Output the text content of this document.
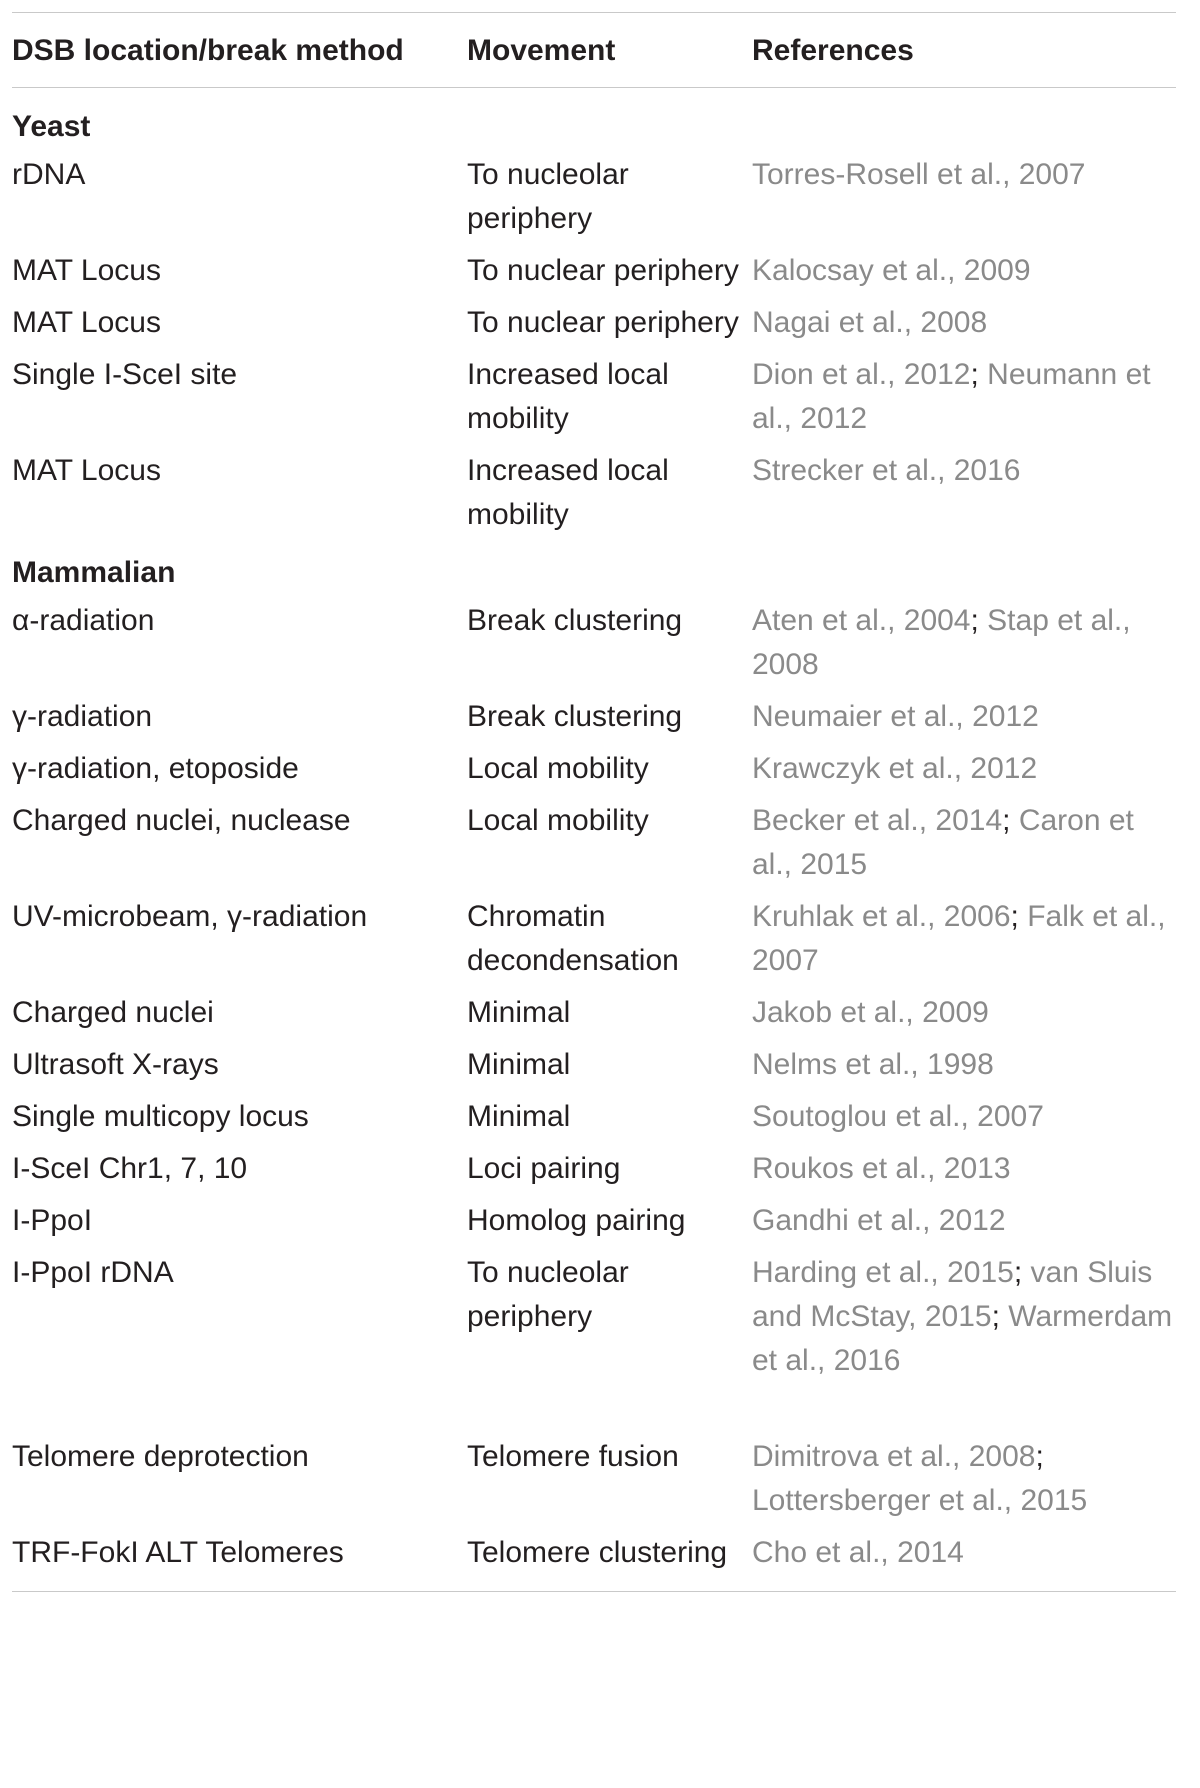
DSB location/break method	Movement	References
Yeast		
rDNA	To nucleolar periphery	Torres-Rosell et al., 2007
MAT Locus	To nuclear periphery	Kalocsay et al., 2009
MAT Locus	To nuclear periphery	Nagai et al., 2008
Single I-SceI site	Increased local mobility	Dion et al., 2012; Neumann et al., 2012
MAT Locus	Increased local mobility	Strecker et al., 2016
Mammalian		
α-radiation	Break clustering	Aten et al., 2004; Stap et al., 2008
γ-radiation	Break clustering	Neumaier et al., 2012
γ-radiation, etoposide	Local mobility	Krawczyk et al., 2012
Charged nuclei, nuclease	Local mobility	Becker et al., 2014; Caron et al., 2015
UV-microbeam, γ-radiation	Chromatin decondensation	Kruhlak et al., 2006; Falk et al., 2007
Charged nuclei	Minimal	Jakob et al., 2009
Ultrasoft X-rays	Minimal	Nelms et al., 1998
Single multicopy locus	Minimal	Soutoglou et al., 2007
I-SceI Chr1, 7, 10	Loci pairing	Roukos et al., 2013
I-PpoI	Homolog pairing	Gandhi et al., 2012
I-PpoI rDNA	To nucleolar periphery	Harding et al., 2015; van Sluis and McStay, 2015; Warmerdam et al., 2016
Telomere deprotection	Telomere fusion	Dimitrova et al., 2008; Lottersberger et al., 2015
TRF-FokI ALT Telomeres	Telomere clustering	Cho et al., 2014
